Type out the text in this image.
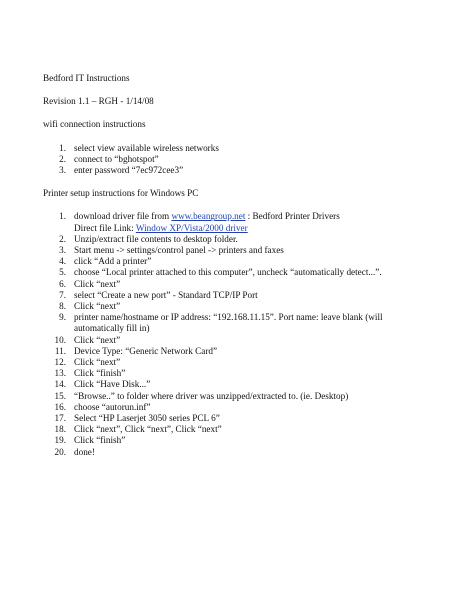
Bedford IT Instructions

Revision 1.1 – RGH - 1/14/08

wifi connection instructions

1. select view available wireless networks
2. connect to “bghotspot”
3. enter password “7ec972cee3”

Printer setup instructions for Windows PC

1. download driver file from www.beangroup.net : Bedford Printer Drivers
Direct file Link: Window XP/Vista/2000 driver
2. Unzip/extract file contents to desktop folder.
3. Start menu -> settings/control panel -> printers and faxes
4. click “Add a printer”
5. choose “Local printer attached to this computer”, uncheck “automatically detect...”.
6. Click “next”
7. select “Create a new port” - Standard TCP/IP Port
8. Click “next”
9. printer name/hostname or IP address: “192.168.11.15”. Port name: leave blank (will
automatically fill in)
10. Click “next”
11. Device Type: “Generic Network Card”
12. Click “next”
13. Click “finish”
14. Click “Have Disk...”
15. “Browse..” to folder where driver was unzipped/extracted to. (ie. Desktop)
16. choose “autorun.inf”
17. Select “HP Laserjet 3050 series PCL 6”
18. Click “next”, Click “next”, Click “next”
19. Click “finish”
20. done!
